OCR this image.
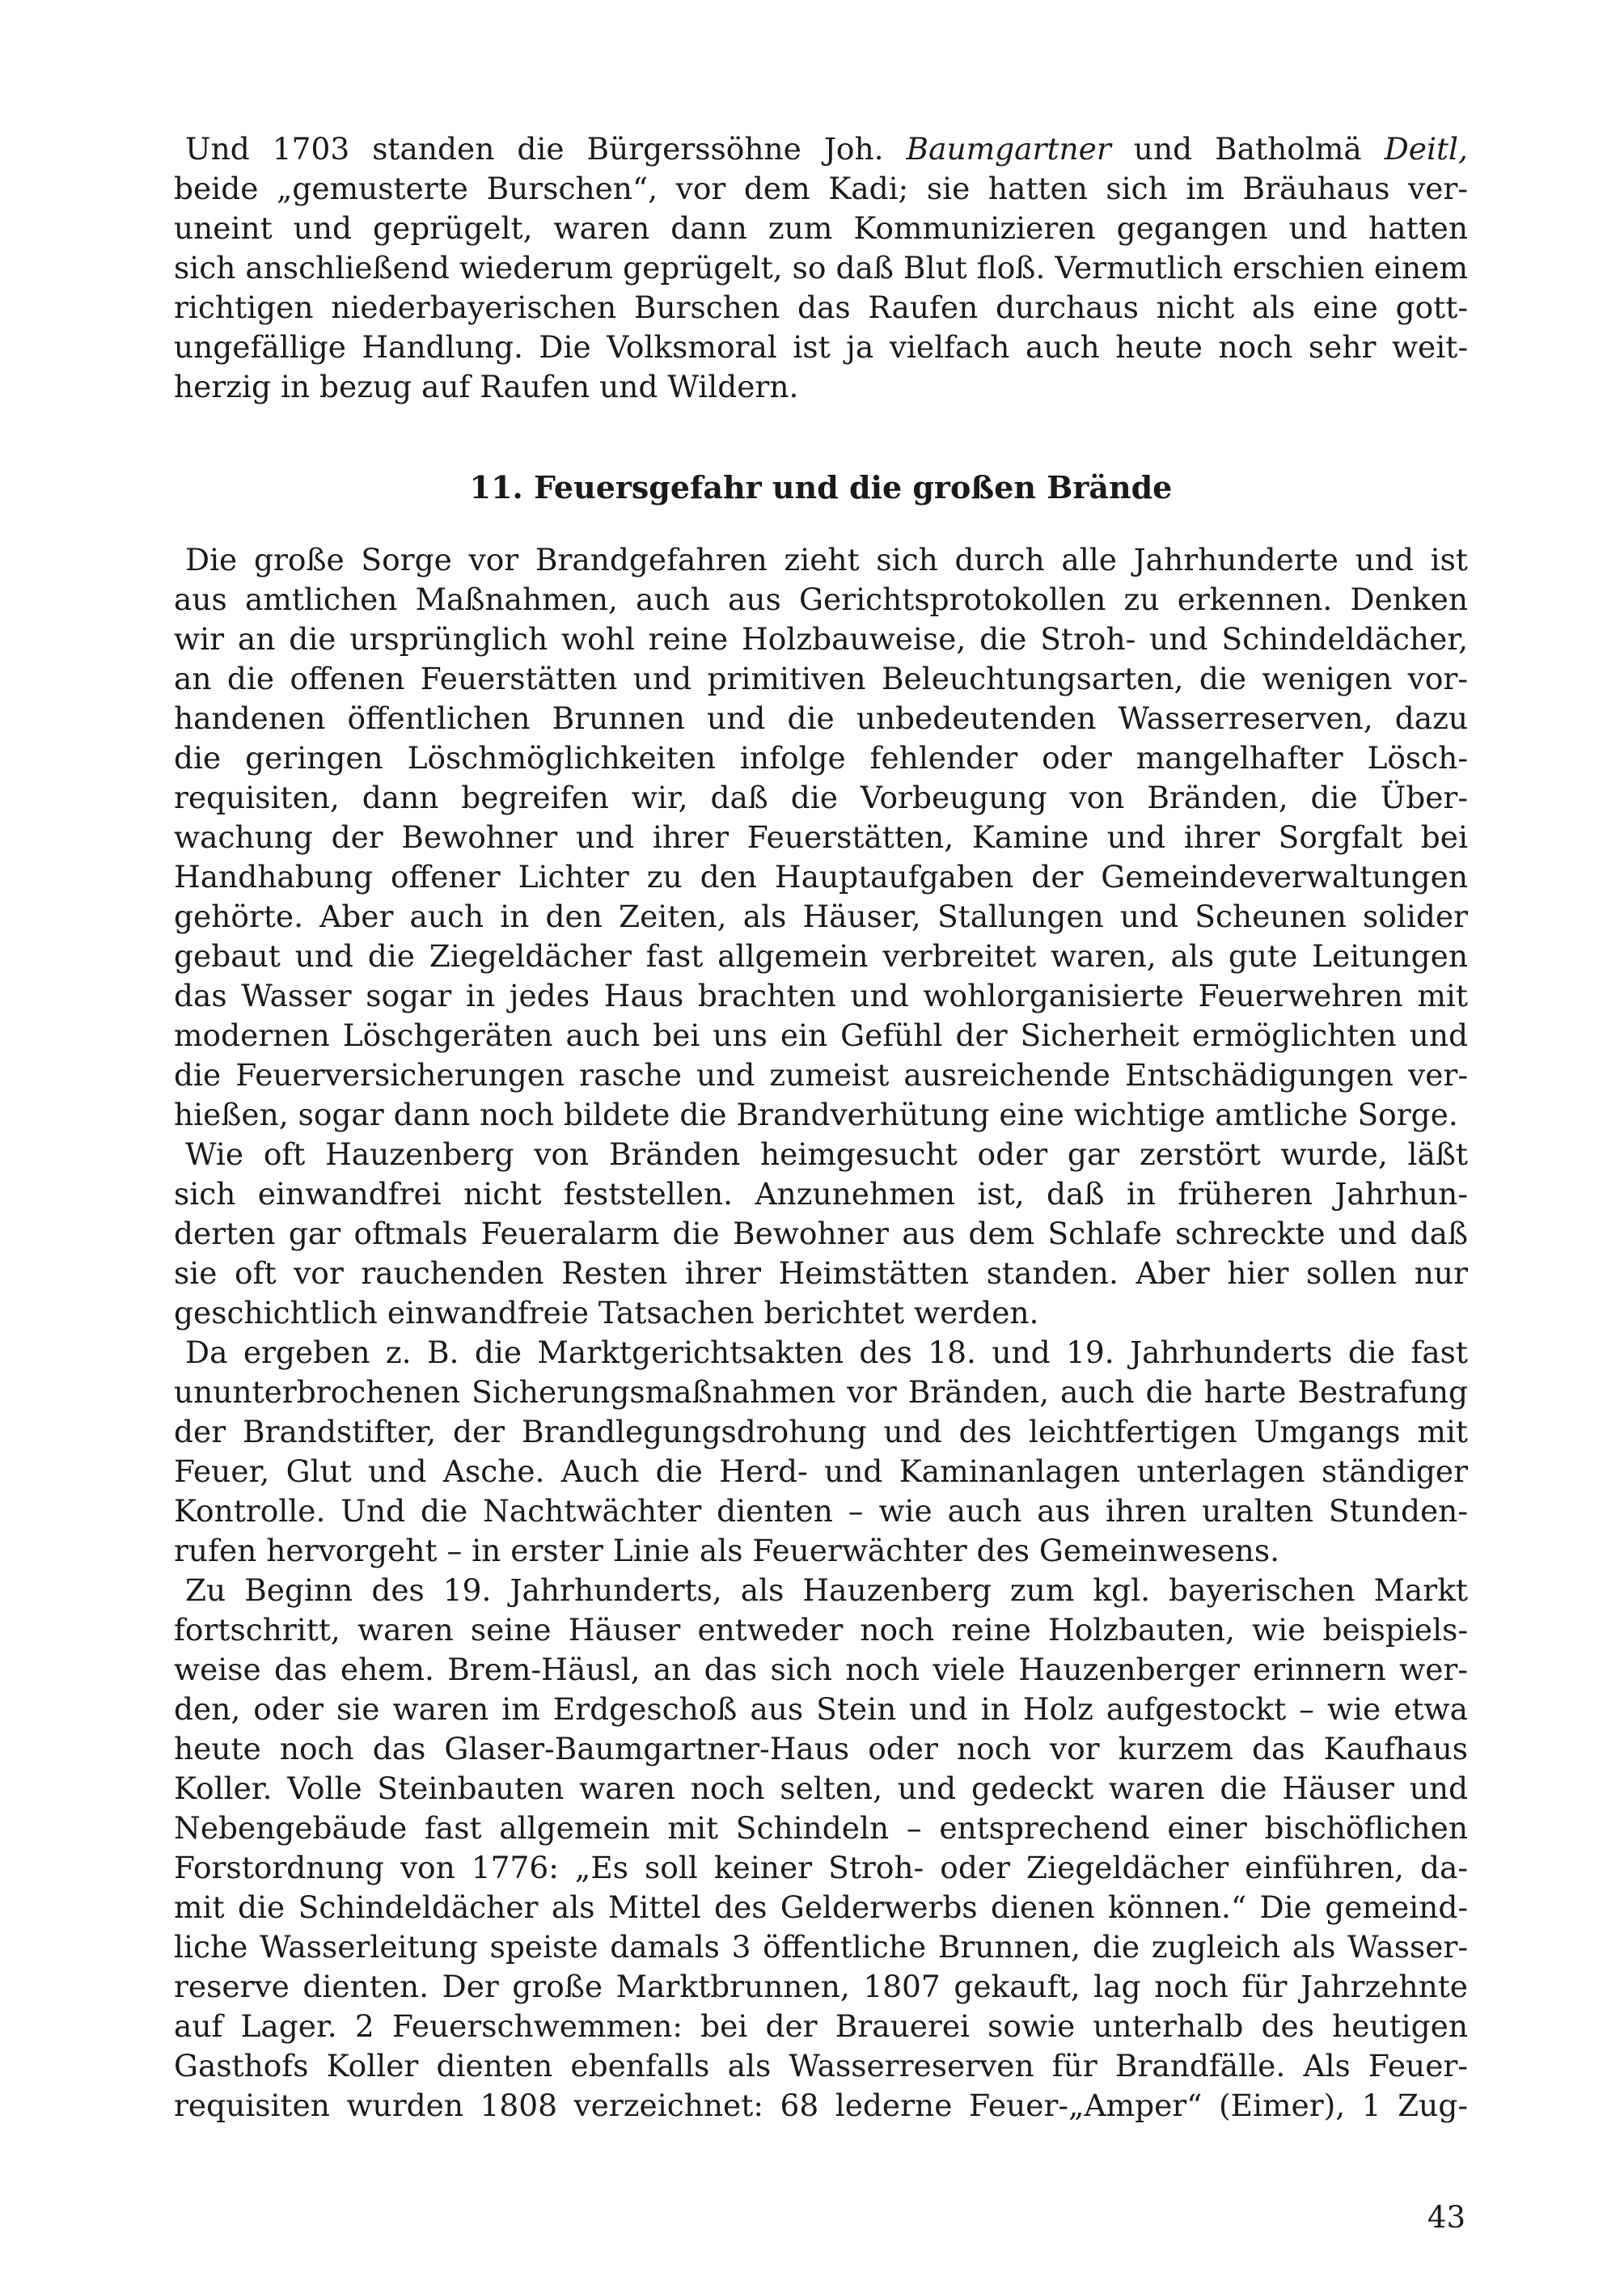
Und 1703 standen die Bürgerssöhne Joh. Baumgartner und Batholmä Deitl,
beide „gemusterte Burschen“, vor dem Kadi; sie hatten sich im Bräuhaus ver-
uneint und geprügelt, waren dann zum Kommunizieren gegangen und hatten
sich anschließend wiederum geprügelt, so daß Blut floß. Vermutlich erschien einem
richtigen niederbayerischen Burschen das Raufen durchaus nicht als eine gott-
ungefällige Handlung. Die Volksmoral ist ja vielfach auch heute noch sehr weit-
herzig in bezug auf Raufen und Wildern.
11. Feuersgefahr und die großen Brände
Die große Sorge vor Brandgefahren zieht sich durch alle Jahrhunderte und ist
aus amtlichen Maßnahmen, auch aus Gerichtsprotokollen zu erkennen. Denken
wir an die ursprünglich wohl reine Holzbauweise, die Stroh- und Schindeldächer,
an die offenen Feuerstätten und primitiven Beleuchtungsarten, die wenigen vor-
handenen öffentlichen Brunnen und die unbedeutenden Wasserreserven, dazu
die geringen Löschmöglichkeiten infolge fehlender oder mangelhafter Lösch-
requisiten, dann begreifen wir, daß die Vorbeugung von Bränden, die Über-
wachung der Bewohner und ihrer Feuerstätten, Kamine und ihrer Sorgfalt bei
Handhabung offener Lichter zu den Hauptaufgaben der Gemeindeverwaltungen
gehörte. Aber auch in den Zeiten, als Häuser, Stallungen und Scheunen solider
gebaut und die Ziegeldächer fast allgemein verbreitet waren, als gute Leitungen
das Wasser sogar in jedes Haus brachten und wohlorganisierte Feuerwehren mit
modernen Löschgeräten auch bei uns ein Gefühl der Sicherheit ermöglichten und
die Feuerversicherungen rasche und zumeist ausreichende Entschädigungen ver-
hießen, sogar dann noch bildete die Brandverhütung eine wichtige amtliche Sorge.
Wie oft Hauzenberg von Bränden heimgesucht oder gar zerstört wurde, läßt
sich einwandfrei nicht feststellen. Anzunehmen ist, daß in früheren Jahrhun-
derten gar oftmals Feueralarm die Bewohner aus dem Schlafe schreckte und daß
sie oft vor rauchenden Resten ihrer Heimstätten standen. Aber hier sollen nur
geschichtlich einwandfreie Tatsachen berichtet werden.
Da ergeben z. B. die Marktgerichtsakten des 18. und 19. Jahrhunderts die fast
ununterbrochenen Sicherungsmaßnahmen vor Bränden, auch die harte Bestrafung
der Brandstifter, der Brandlegungsdrohung und des leichtfertigen Umgangs mit
Feuer, Glut und Asche. Auch die Herd- und Kaminanlagen unterlagen ständiger
Kontrolle. Und die Nachtwächter dienten – wie auch aus ihren uralten Stunden-
rufen hervorgeht – in erster Linie als Feuerwächter des Gemeinwesens.
Zu Beginn des 19. Jahrhunderts, als Hauzenberg zum kgl. bayerischen Markt
fortschritt, waren seine Häuser entweder noch reine Holzbauten, wie beispiels-
weise das ehem. Brem-Häusl, an das sich noch viele Hauzenberger erinnern wer-
den, oder sie waren im Erdgeschoß aus Stein und in Holz aufgestockt – wie etwa
heute noch das Glaser-Baumgartner-Haus oder noch vor kurzem das Kaufhaus
Koller. Volle Steinbauten waren noch selten, und gedeckt waren die Häuser und
Nebengebäude fast allgemein mit Schindeln – entsprechend einer bischöflichen
Forstordnung von 1776: „Es soll keiner Stroh- oder Ziegeldächer einführen, da-
mit die Schindeldächer als Mittel des Gelderwerbs dienen können.“ Die gemeind-
liche Wasserleitung speiste damals 3 öffentliche Brunnen, die zugleich als Wasser-
reserve dienten. Der große Marktbrunnen, 1807 gekauft, lag noch für Jahrzehnte
auf Lager. 2 Feuerschwemmen: bei der Brauerei sowie unterhalb des heutigen
Gasthofs Koller dienten ebenfalls als Wasserreserven für Brandfälle. Als Feuer-
requisiten wurden 1808 verzeichnet: 68 lederne Feuer-„Amper“ (Eimer), 1 Zug-
43
